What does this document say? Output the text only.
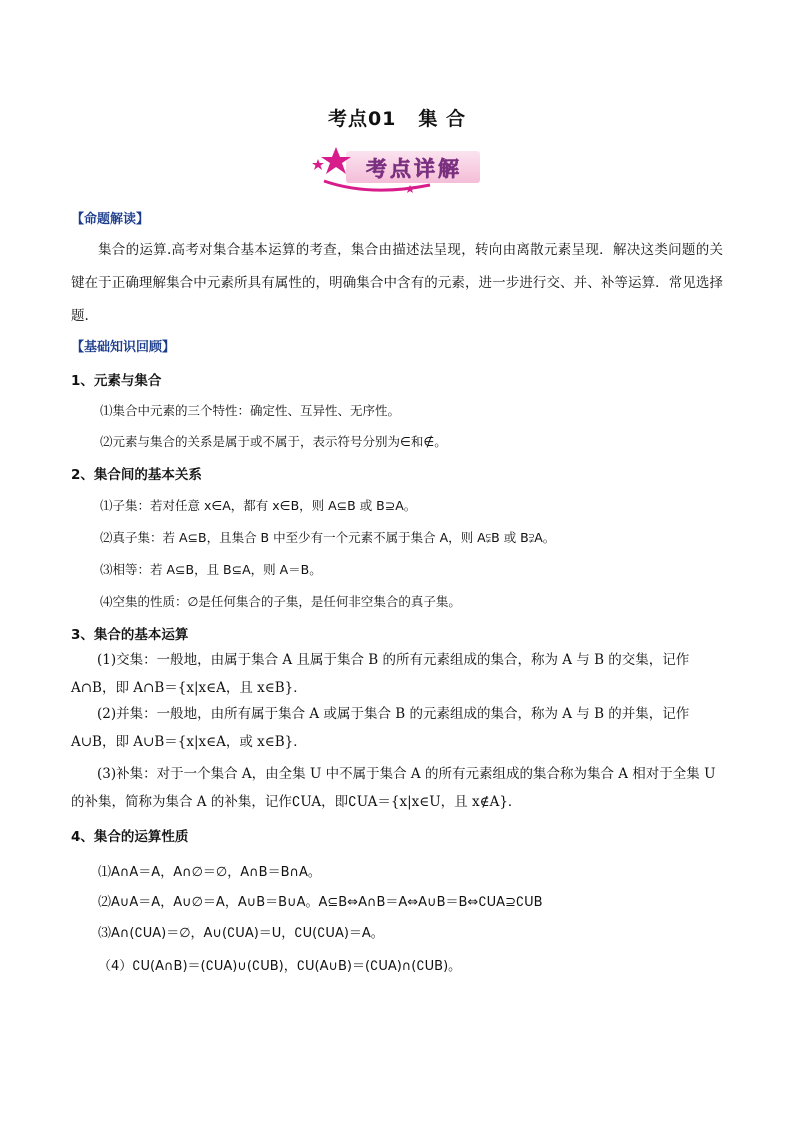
考点01 集 合
考点详解
【命题解读】
集合的运算.高考对集合基本运算的考查，集合由描述法呈现，转向由离散元素呈现．解决这类问题的关键在于正确理解集合中元素所具有属性的，明确集合中含有的元素，进一步进行交、并、补等运算．常见选择题.
【基础知识回顾】
1、元素与集合
⑴集合中元素的三个特性：确定性、互异性、无序性。
⑵元素与集合的关系是属于或不属于，表示符号分别为∈和∉。
2、集合间的基本关系
⑴子集：若对任意 x∈A，都有 x∈B，则 A⊆B 或 B⊇A。
⑵真子集：若 A⊆B，且集合 B 中至少有一个元素不属于集合 A，则 A⫋B 或 B⫌A。
⑶相等：若 A⊆B，且 B⊆A，则 A＝B。
⑷空集的性质：∅是任何集合的子集，是任何非空集合的真子集。
3、集合的基本运算
(1)交集：一般地，由属于集合 A 且属于集合 B 的所有元素组成的集合，称为 A 与 B 的交集，记作 A∩B，即 A∩B＝{x|x∈A，且 x∈B}．
(2)并集：一般地，由所有属于集合 A 或属于集合 B 的元素组成的集合，称为 A 与 B 的并集，记作 A∪B，即 A∪B＝{x|x∈A，或 x∈B}．
(3)补集：对于一个集合 A，由全集 U 中不属于集合 A 的所有元素组成的集合称为集合 A 相对于全集 U 的补集，简称为集合 A 的补集，记作∁UA，即∁UA＝{x|x∈U，且 x∉A}．
4、集合的运算性质
⑴A∩A＝A，A∩∅＝∅，A∩B＝B∩A。
⑵A∪A＝A，A∪∅＝A，A∪B＝B∪A。A⊆B⇔A∩B＝A⇔A∪B＝B⇔∁UA⊇∁UB
⑶A∩(∁UA)＝∅，A∪(∁UA)＝U，∁U(∁UA)＝A。
（4）∁U(A∩B)＝(∁UA)∪(∁UB)，∁U(A∪B)＝(∁UA)∩(∁UB)。
